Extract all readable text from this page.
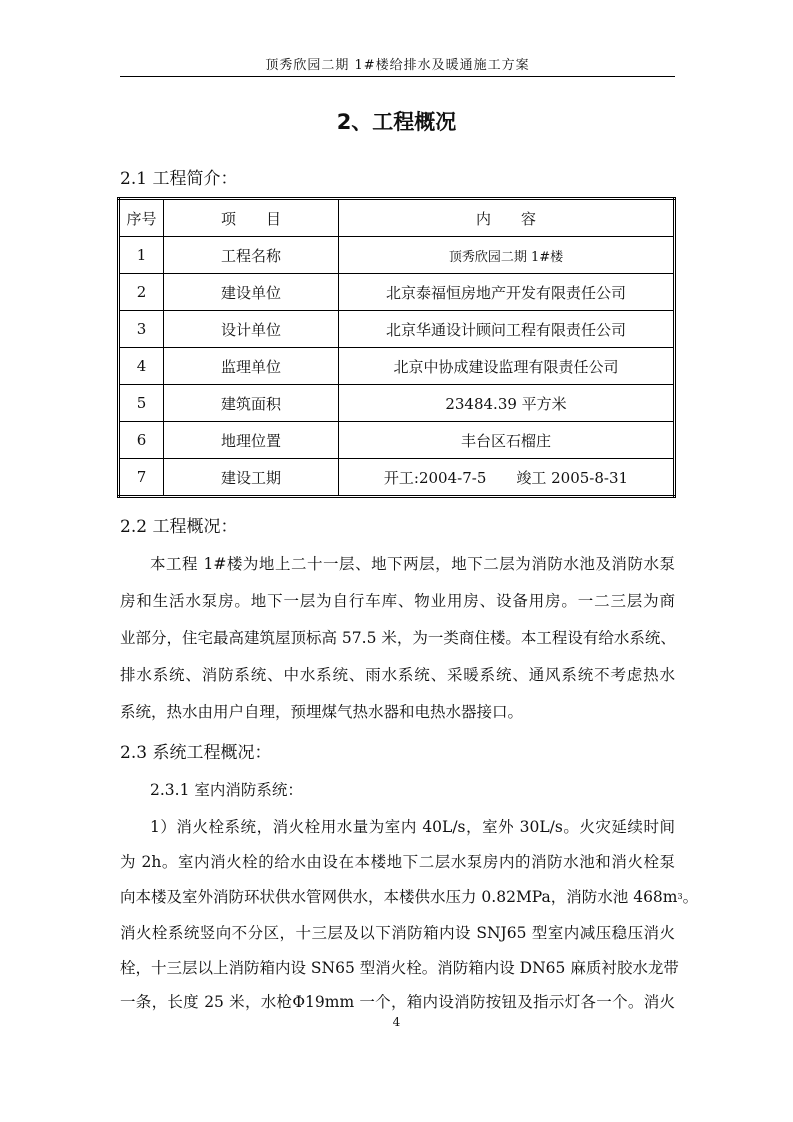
顶秀欣园二期 1#楼给排水及暖通施工方案
2、工程概况
2.1 工程简介：
序号	项　　目	内　　容
1	工程名称	顶秀欣园二期 1#楼
2	建设单位	北京泰福恒房地产开发有限责任公司
3	设计单位	北京华通设计顾问工程有限责任公司
4	监理单位	北京中协成建设监理有限责任公司
5	建筑面积	23484.39 平方米
6	地理位置	丰台区石榴庄
7	建设工期	开工:2004-7-5　　竣工 2005-8-31
2.2 工程概况：
本工程 1#楼为地上二十一层、地下两层，地下二层为消防水池及消防水泵
房和生活水泵房。地下一层为自行车库、物业用房、设备用房。一二三层为商
业部分，住宅最高建筑屋顶标高 57.5 米，为一类商住楼。本工程设有给水系统、
排水系统、消防系统、中水系统、雨水系统、采暖系统、通风系统不考虑热水
系统，热水由用户自理，预埋煤气热水器和电热水器接口。
2.3 系统工程概况：
2.3.1 室内消防系统：
1）消火栓系统，消火栓用水量为室内 40L/s，室外 30L/s。火灾延续时间
为 2h。室内消火栓的给水由设在本楼地下二层水泵房内的消防水池和消火栓泵
向本楼及室外消防环状供水管网供水，本楼供水压力 0.82MPa，消防水池 468m 3 。
消火栓系统竖向不分区，十三层及以下消防箱内设 SNJ65 型室内减压稳压消火
栓，十三层以上消防箱内设 SN65 型消火栓。消防箱内设 DN65 麻质衬胶水龙带
一条，长度 25 米，水枪Φ19mm 一个，箱内设消防按钮及指示灯各一个。消火
4
